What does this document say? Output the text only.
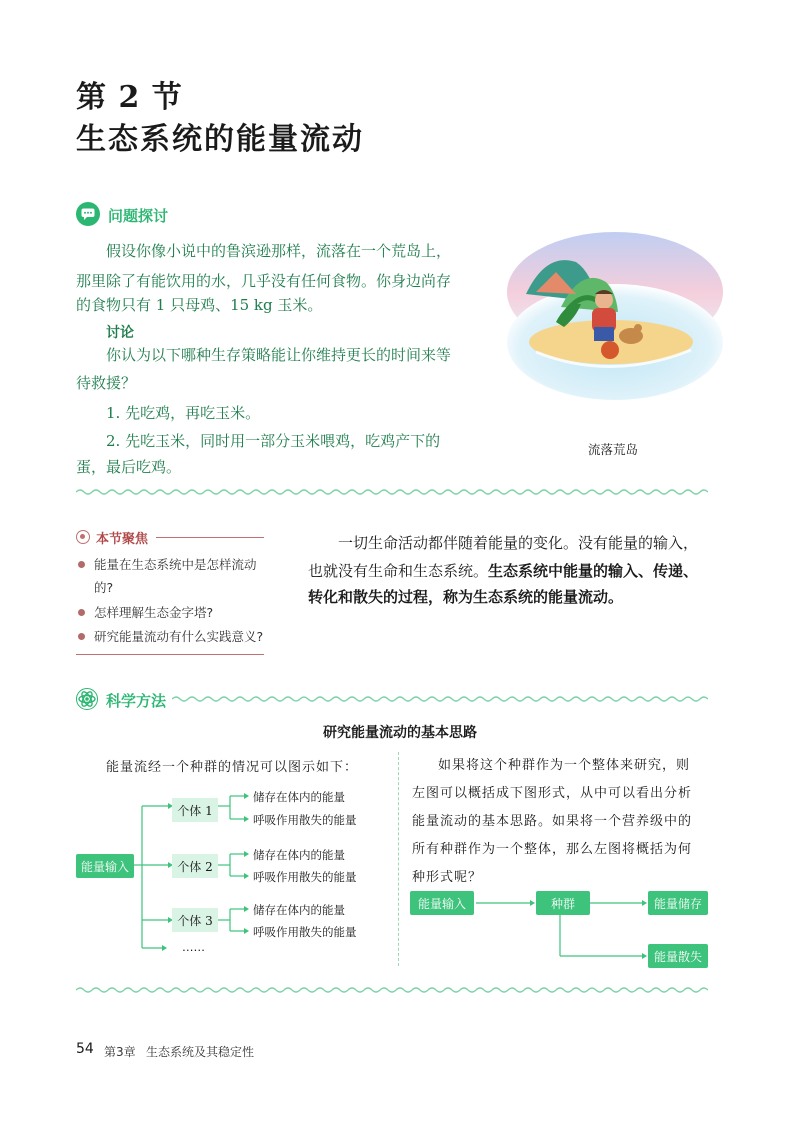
第 2 节
生态系统的能量流动
问题探讨
假设你像小说中的鲁滨逊那样，流落在一个荒岛上，
那里除了有能饮用的水，几乎没有任何食物。你身边尚存
的食物只有 1 只母鸡、15 kg 玉米。
讨论
你认为以下哪种生存策略能让你维持更长的时间来等
待救援？
1. 先吃鸡，再吃玉米。
2. 先吃玉米，同时用一部分玉米喂鸡，吃鸡产下的
蛋，最后吃鸡。
流落荒岛
本节聚焦
能量在生态系统中是怎样流动
的?
怎样理解生态金字塔?
研究能量流动有什么实践意义?
一切生命活动都伴随着能量的变化。没有能量的输入，
也就没有生命和生态系统。生态系统中能量的输入、传递、
转化和散失的过程，称为生态系统的能量流动。
科学方法
研究能量流动的基本思路
能量流经一个种群的情况可以图示如下：
能量输入
个体 1
个体 2
个体 3
储存在体内的能量
呼吸作用散失的能量
储存在体内的能量
呼吸作用散失的能量
储存在体内的能量
呼吸作用散失的能量
……
如果将这个种群作为一个整体来研究，则
左图可以概括成下图形式，从中可以看出分析
能量流动的基本思路。如果将一个营养级中的
所有种群作为一个整体，那么左图将概括为何
种形式呢？
能量输入	种群	能量储存
能量散失
54 第3章 生态系统及其稳定性
